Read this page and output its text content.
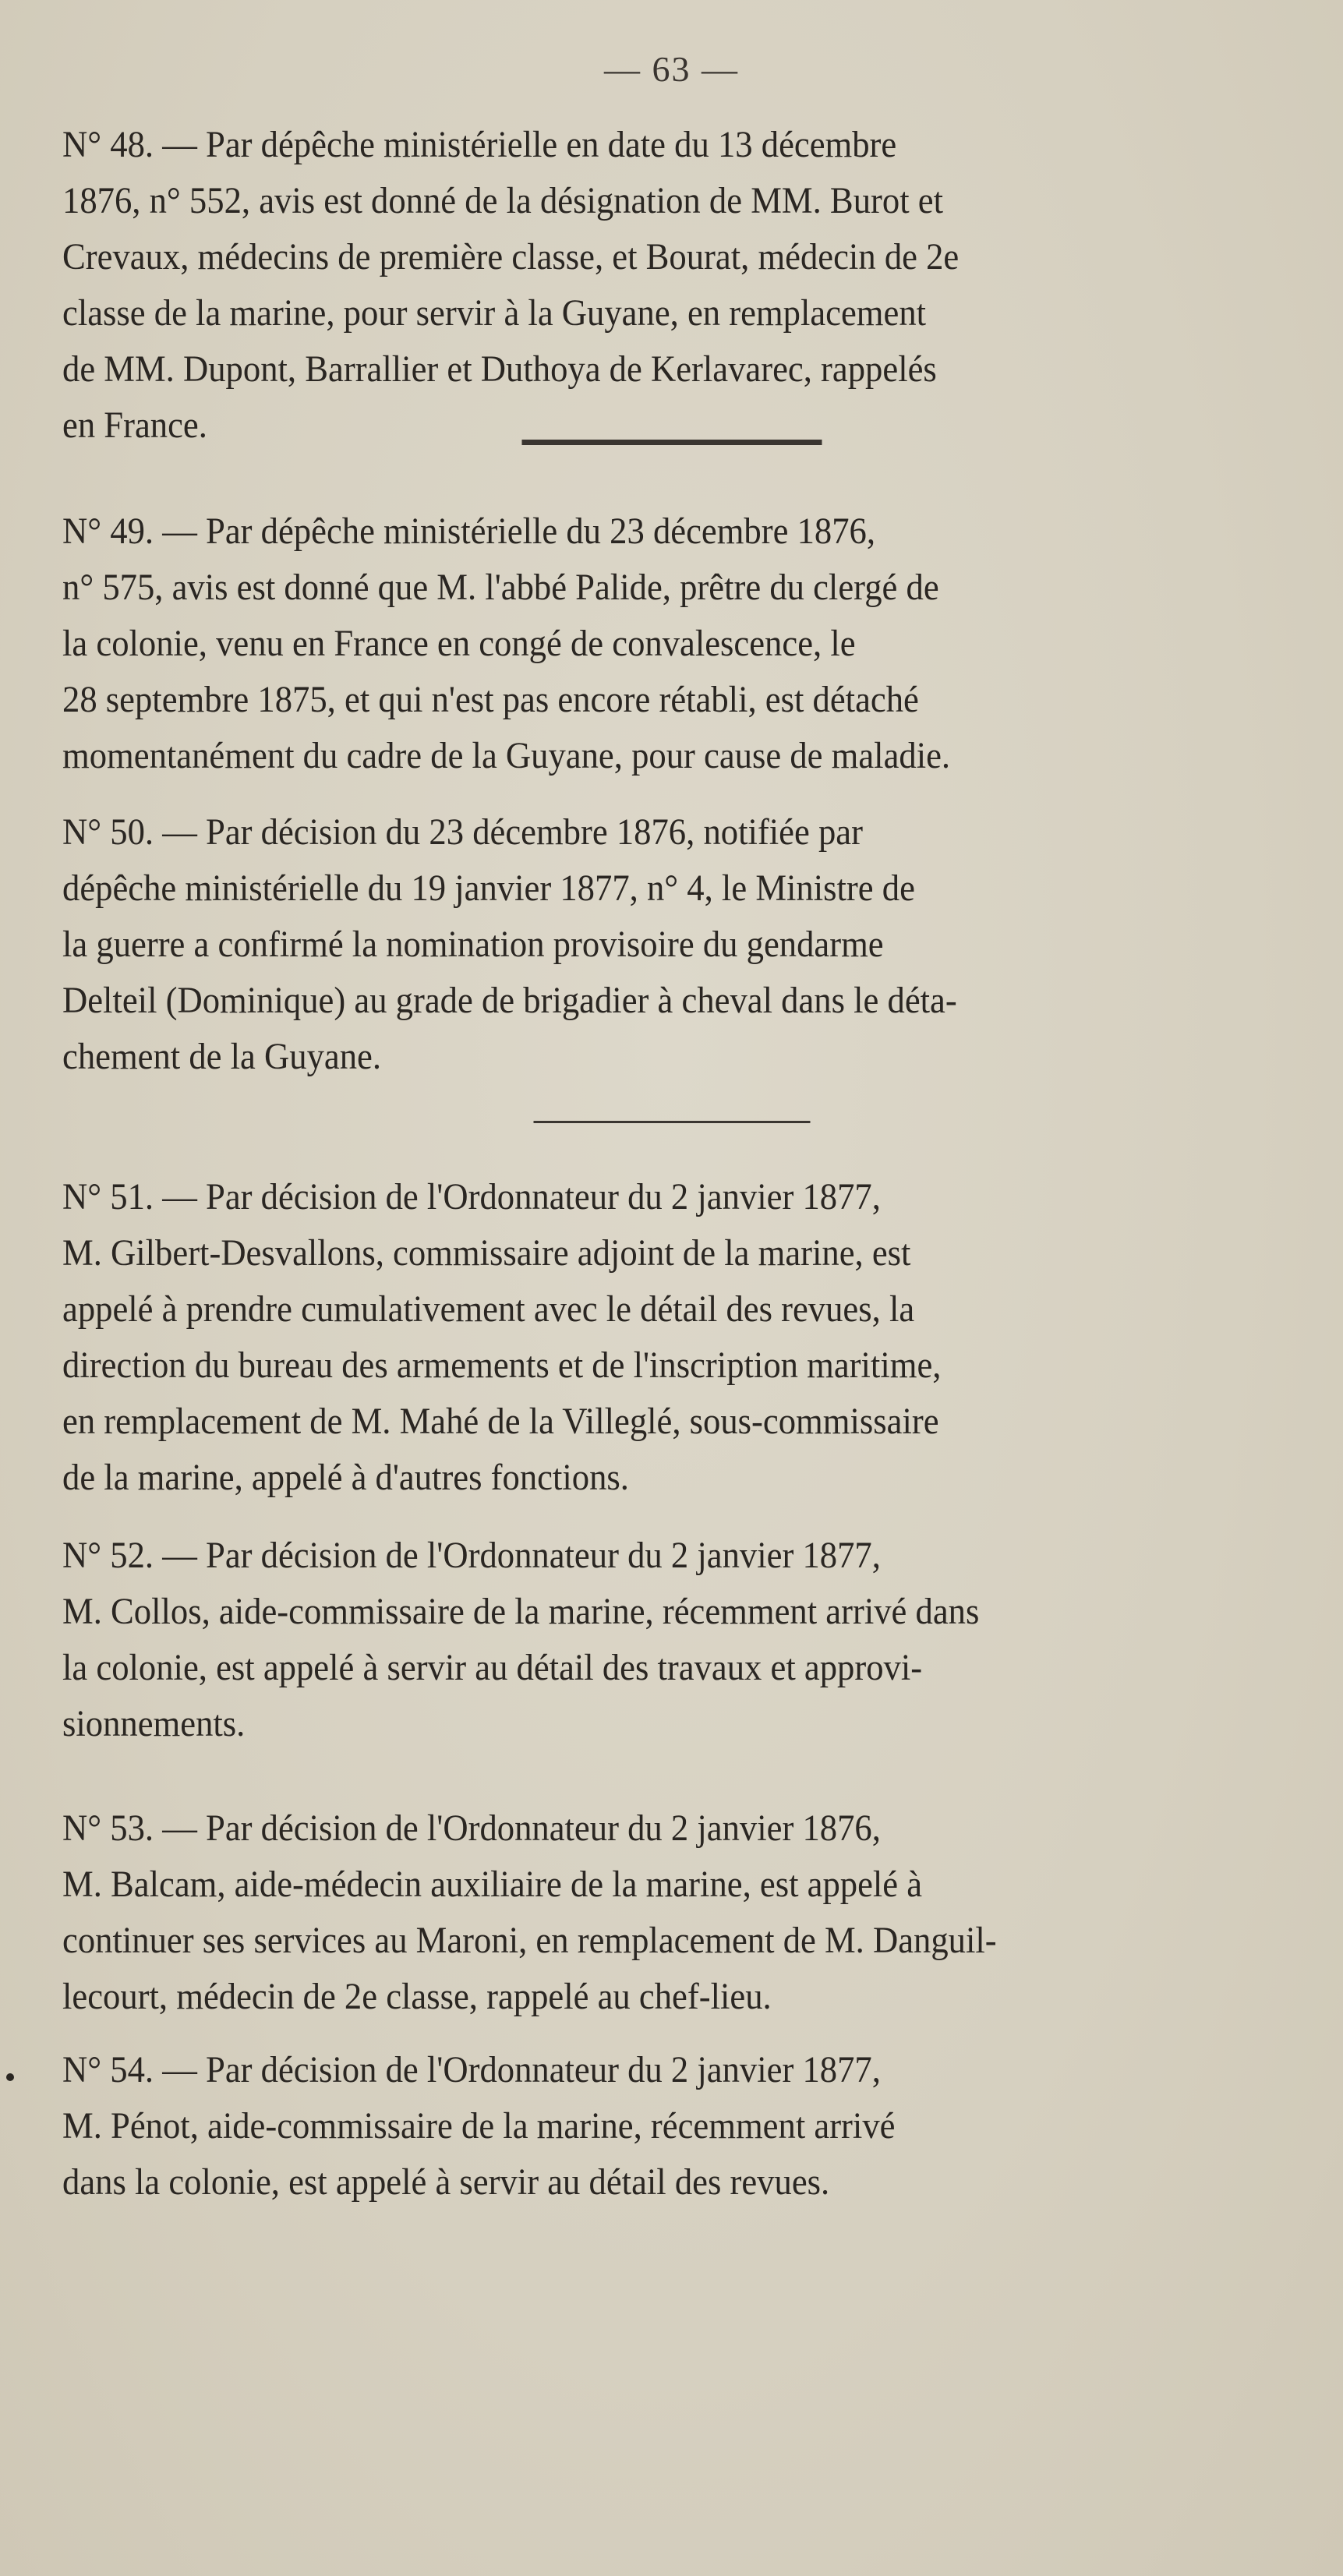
— 63 —

N° 48. — Par dépêche ministérielle en date du 13 décembre
1876, n° 552, avis est donné de la désignation de MM. Burot et
Crevaux, médecins de première classe, et Bourat, médecin de 2e
classe de la marine, pour servir à la Guyane, en remplacement
de MM. Dupont, Barrallier et Duthoya de Kerlavarec, rappelés
en France.

N° 49. — Par dépêche ministérielle du 23 décembre 1876,
n° 575, avis est donné que M. l'abbé Palide, prêtre du clergé de
la colonie, venu en France en congé de convalescence, le
28 septembre 1875, et qui n'est pas encore rétabli, est détaché
momentanément du cadre de la Guyane, pour cause de maladie.

N° 50. — Par décision du 23 décembre 1876, notifiée par
dépêche ministérielle du 19 janvier 1877, n° 4, le Ministre de
la guerre a confirmé la nomination provisoire du gendarme
Delteil (Dominique) au grade de brigadier à cheval dans le déta-
chement de la Guyane.

N° 51. — Par décision de l'Ordonnateur du 2 janvier 1877,
M. Gilbert-Desvallons, commissaire adjoint de la marine, est
appelé à prendre cumulativement avec le détail des revues, la
direction du bureau des armements et de l'inscription maritime,
en remplacement de M. Mahé de la Villeglé, sous-commissaire
de la marine, appelé à d'autres fonctions.

N° 52. — Par décision de l'Ordonnateur du 2 janvier 1877,
M. Collos, aide-commissaire de la marine, récemment arrivé dans
la colonie, est appelé à servir au détail des travaux et approvi-
sionnements.

N° 53. — Par décision de l'Ordonnateur du 2 janvier 1876,
M. Balcam, aide-médecin auxiliaire de la marine, est appelé à
continuer ses services au Maroni, en remplacement de M. Danguil-
lecourt, médecin de 2e classe, rappelé au chef-lieu.

N° 54. — Par décision de l'Ordonnateur du 2 janvier 1877,
M. Pénot, aide-commissaire de la marine, récemment arrivé
dans la colonie, est appelé à servir au détail des revues.
